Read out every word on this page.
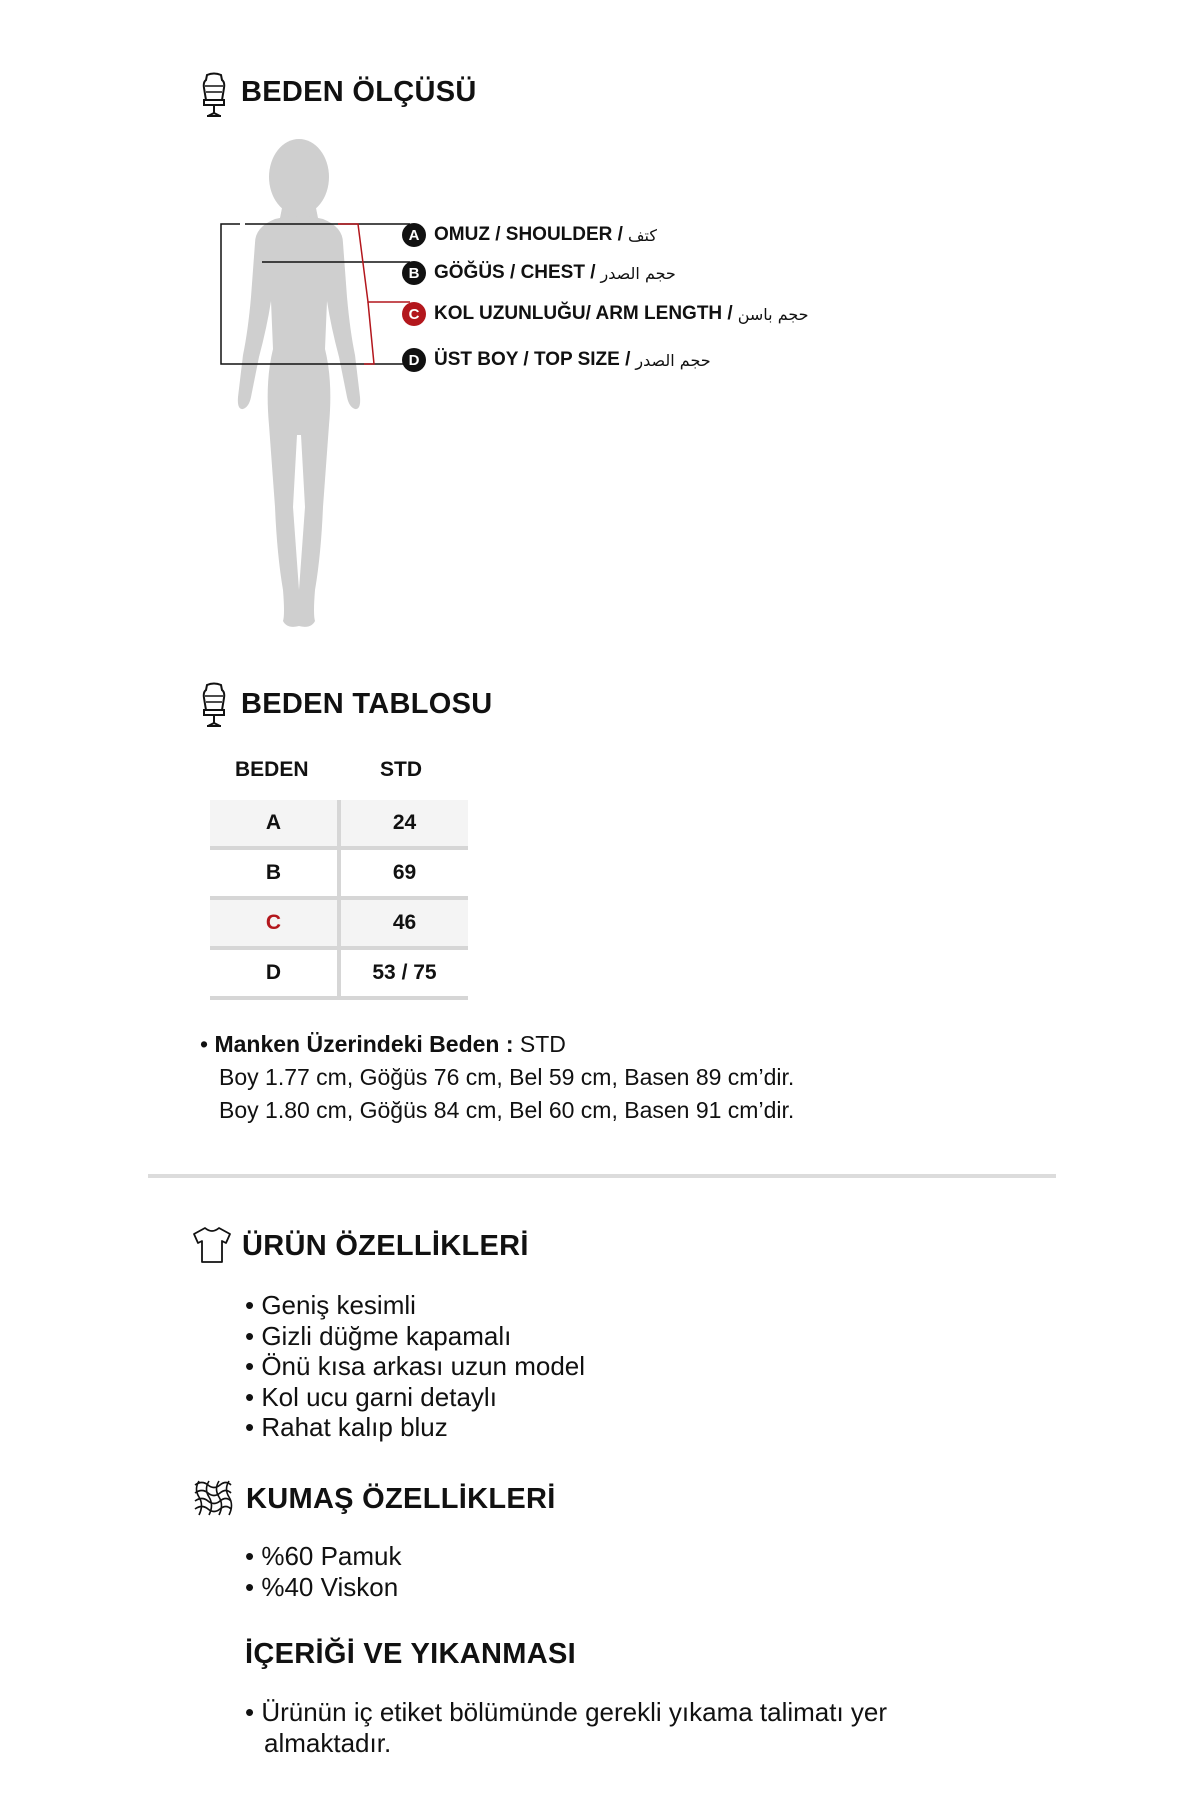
BEDEN ÖLÇÜSÜ
A OMUZ / SHOULDER / كتف
B GÖĞÜS / CHEST / حجم الصدر
C KOL UZUNLUĞU/ ARM LENGTH / حجم باسن
D ÜST BOY / TOP SIZE / حجم الصدر
BEDEN TABLOSU
BEDEN	STD
A	24
B	69
C	46
D	53 / 75
• Manken Üzerindeki Beden : STD
Boy 1.77 cm, Göğüs 76 cm, Bel 59 cm, Basen 89 cm’dir.
Boy 1.80 cm, Göğüs 84 cm, Bel 60 cm, Basen 91 cm’dir.
ÜRÜN ÖZELLİKLERİ
• Geniş kesimli
• Gizli düğme kapamalı
• Önü kısa arkası uzun model
• Kol ucu garni detaylı
• Rahat kalıp bluz
KUMAŞ ÖZELLİKLERİ
• %60 Pamuk
• %40 Viskon
İÇERİĞİ VE YIKANMASI
• Ürünün iç etiket bölümünde gerekli yıkama talimatı yer
almaktadır.
